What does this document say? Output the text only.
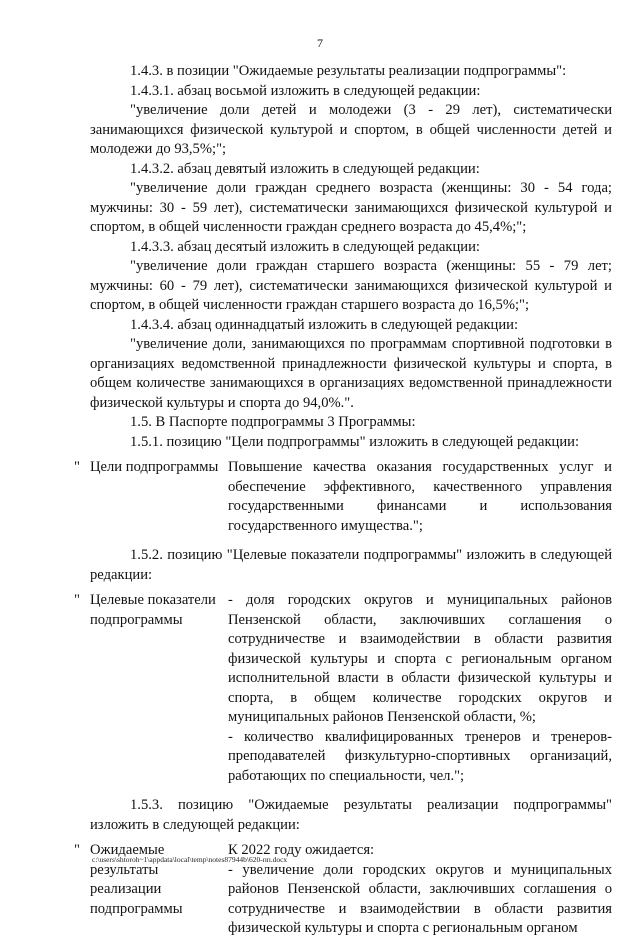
7

1.4.3. в позиции "Ожидаемые результаты реализации подпрограммы":

1.4.3.1. абзац восьмой изложить в следующей редакции:

"увеличение доли детей и молодежи (3 - 29 лет), систематически занимающихся физической культурой и спортом, в общей численности детей и молодежи до 93,5%;";

1.4.3.2. абзац девятый изложить в следующей редакции:

"увеличение доли граждан среднего возраста (женщины: 30 - 54 года; мужчины: 30 - 59 лет), систематически занимающихся физической культурой и спортом, в общей численности граждан среднего возраста до 45,4%;";

1.4.3.3. абзац десятый изложить в следующей редакции:

"увеличение доли граждан старшего возраста (женщины: 55 - 79 лет; мужчины: 60 - 79 лет), систематически занимающихся физической культурой и спортом, в общей численности граждан старшего возраста до 16,5%;";

1.4.3.4. абзац одиннадцатый изложить в следующей редакции:

"увеличение доли, занимающихся по программам спортивной подготовки в организациях ведомственной принадлежности физической культуры и спорта, в общем количестве занимающихся в организациях ведомственной принадлежности физической культуры и спорта до 94,0%.".

1.5. В Паспорте подпрограммы 3 Программы:

1.5.1. позицию "Цели подпрограммы" изложить в следующей редакции:

" Цели подпрограммы Повышение качества оказания государственных услуг и обеспечение эффективного, качественного управления государственными финансами и использования государственного имущества.";

1.5.2. позицию "Целевые показатели подпрограммы" изложить в следующей редакции:

" Целевые показатели подпрограммы

- доля городских округов и муниципальных районов Пензенской области, заключивших соглашения о сотрудничестве и взаимодействии в области развития физической культуры и спорта с региональным органом исполнительной власти в области физической культуры и спорта, в общем количестве городских округов и муниципальных районов Пензенской области, %;

- количество квалифицированных тренеров и тренеров-преподавателей физкультурно-спортивных организаций, работающих по специальности, чел.";

1.5.3. позицию "Ожидаемые результаты реализации подпрограммы" изложить в следующей редакции:

" Ожидаемые результаты реализации подпрограммы

К 2022 году ожидается:

- увеличение доли городских округов и муниципальных районов Пензенской области, заключивших соглашения о сотрудничестве и взаимодействии в области развития физической культуры и спорта с региональным органом

c:\users\shtoroh~1\appdata\local\temp\notes87944b\620-пп.docx
